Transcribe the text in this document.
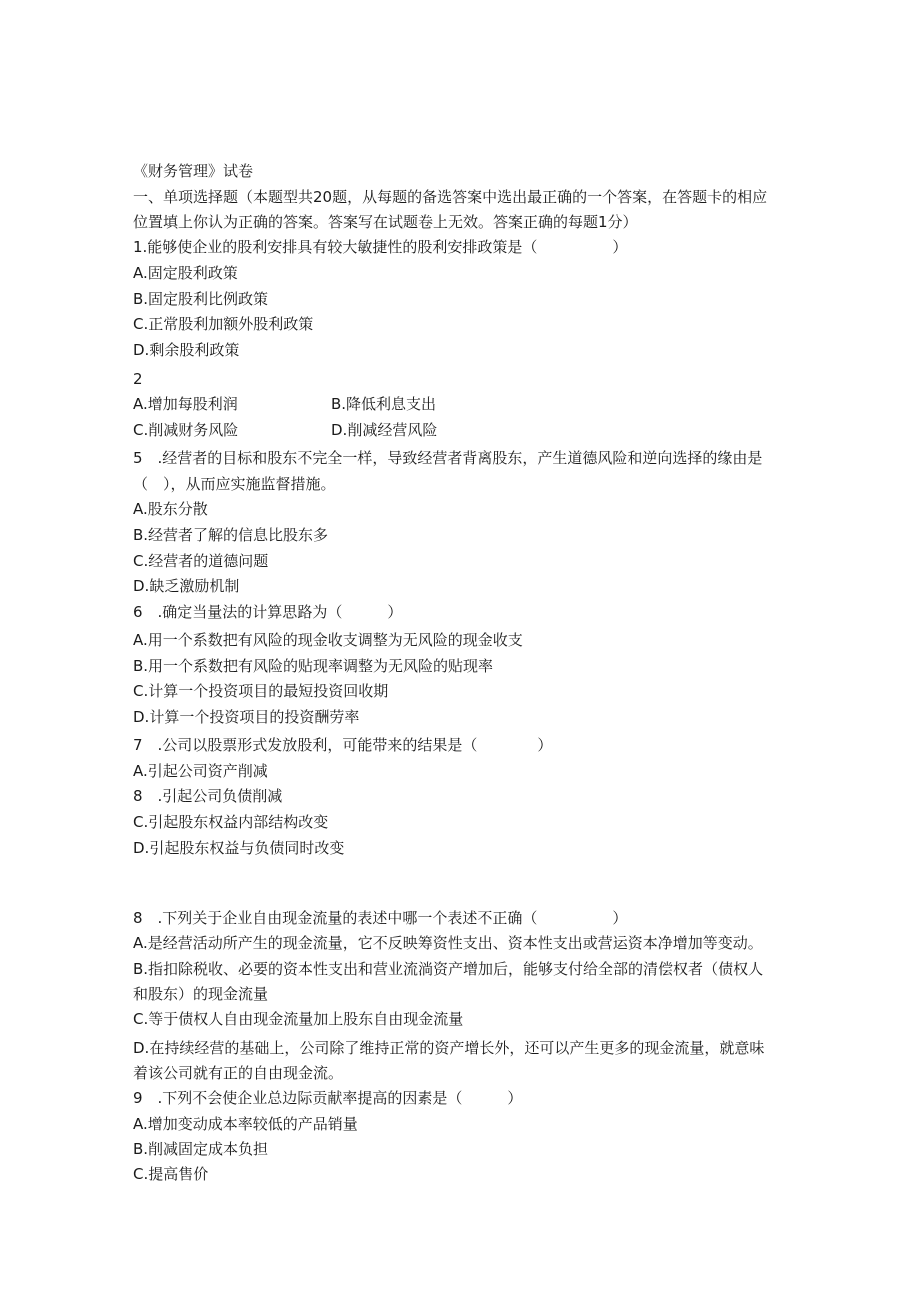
《财务管理》试卷
一、单项选择题（本题型共20题，从每题的备选答案中选出最正确的一个答案，在答题卡的相应
位置填上你认为正确的答案。答案写在试题卷上无效。答案正确的每题1分）
1.能够使企业的股利安排具有较大敏捷性的股利安排政策是（　　　　　）
A.固定股利政策
B.固定股利比例政策
C.正常股利加额外股利政策
D.剩余股利政策
2
A.增加每股利润	B.降低利息支出
C.削减财务风险	D.削减经营风险
5　.经营者的目标和股东不完全一样，导致经营者背离股东，产生道德风险和逆向选择的缘由是
（　），从而应实施监督措施。
A.股东分散
B.经营者了解的信息比股东多
C.经营者的道德问题
D.缺乏激励机制
6　.确定当量法的计算思路为（　　　）
A.用一个系数把有风险的现金收支调整为无风险的现金收支
B.用一个系数把有风险的贴现率调整为无风险的贴现率
C.计算一个投资项目的最短投资回收期
D.计算一个投资项目的投资酬劳率
7　.公司以股票形式发放股利，可能带来的结果是（　　　　）
A.引起公司资产削减
8　.引起公司负债削减
C.引起股东权益内部结构改变
D.引起股东权益与负债同时改变
8　.下列关于企业自由现金流量的表述中哪一个表述不正确（　　　　　）
A.是经营活动所产生的现金流量，它不反映筹资性支出、资本性支出或营运资本净增加等变动。
B.指扣除税收、必要的资本性支出和营业流淌资产增加后，能够支付给全部的清偿权者（债权人
和股东）的现金流量
C.等于债权人自由现金流量加上股东自由现金流量
D.在持续经营的基础上，公司除了维持正常的资产增长外，还可以产生更多的现金流量，就意味
着该公司就有正的自由现金流。
9　.下列不会使企业总边际贡献率提高的因素是（　　　）
A.增加变动成本率较低的产品销量
B.削减固定成本负担
C.提高售价
